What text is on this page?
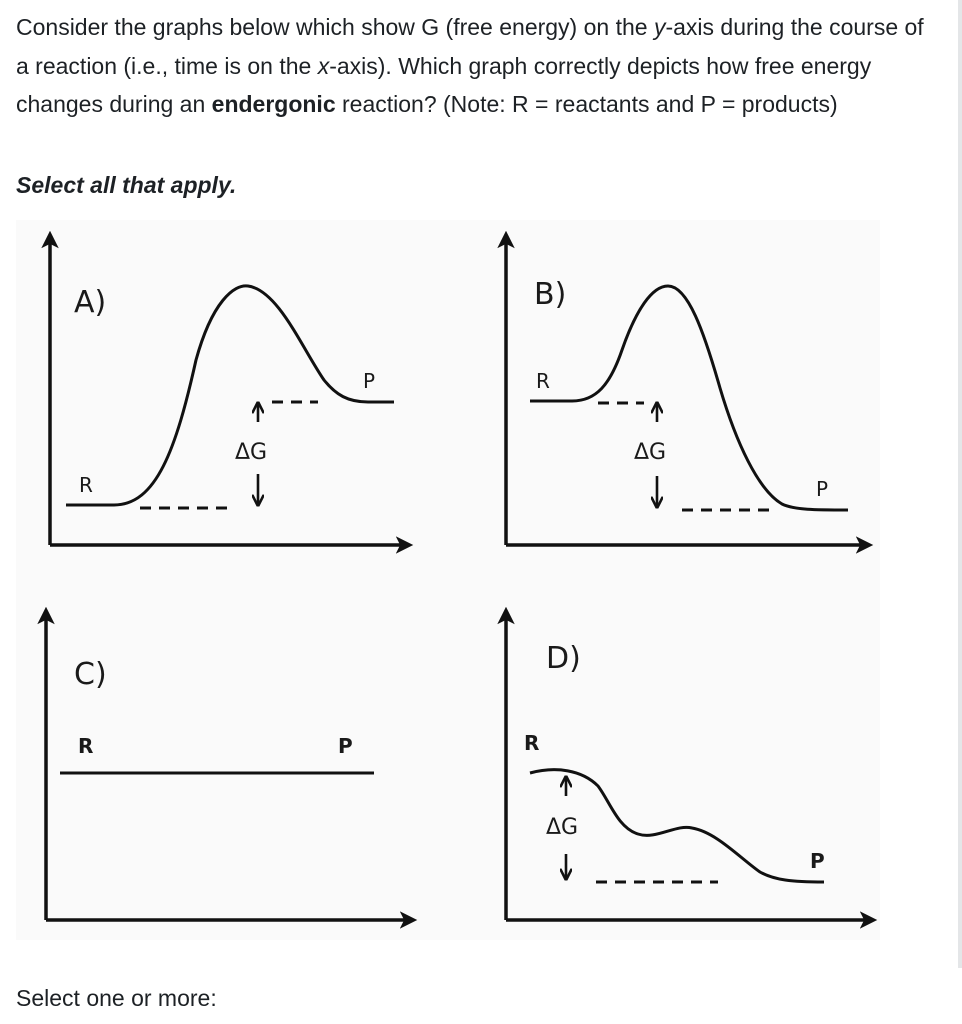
Consider the graphs below which show G (free energy) on the y-axis during the course of a reaction (i.e., time is on the x-axis). Which graph correctly depicts how free energy changes during an endergonic reaction? (Note: R = reactants and P = products)

Select all that apply.

A)
R
P
ΔG
B)
R
P
ΔG
C)
R	P
D)
R
P
ΔG

Select one or more:
